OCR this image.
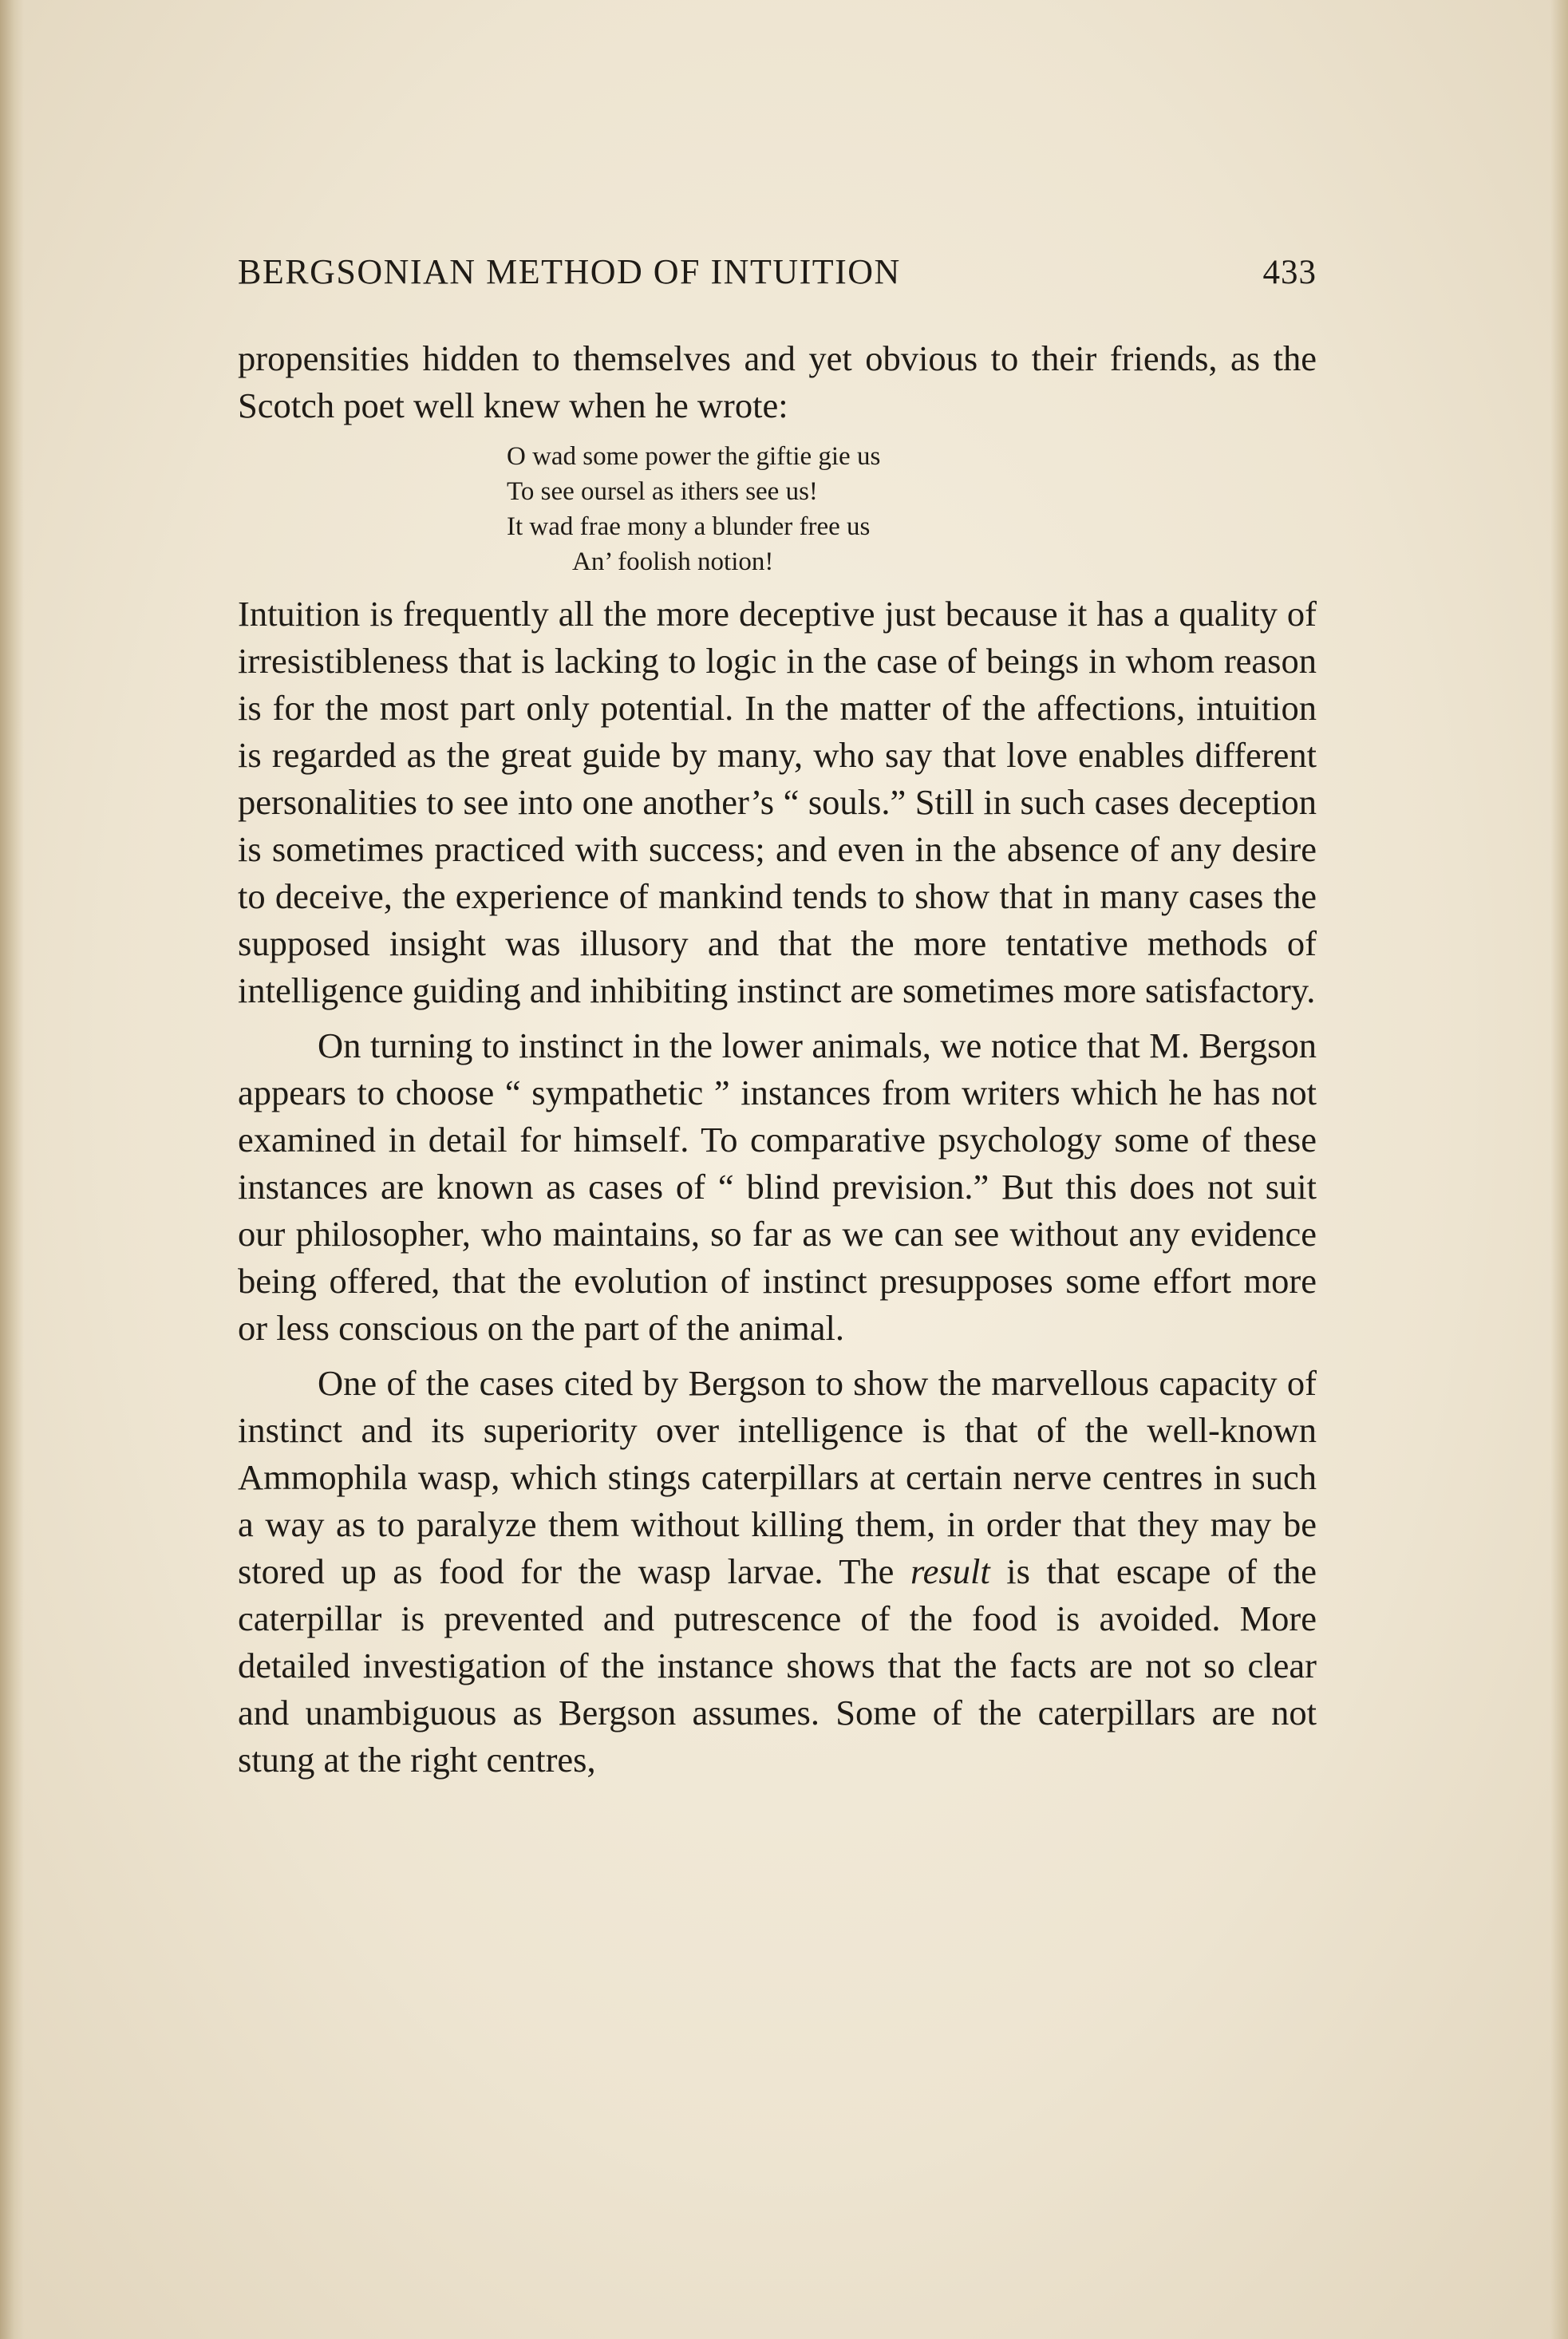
BERGSONIAN METHOD OF INTUITION	433

propensities hidden to themselves and yet obvious to their friends, as the Scotch poet well knew when he wrote:

O wad some power the giftie gie us
To see oursel as ithers see us!
It wad frae mony a blunder free us
An’ foolish notion!

Intuition is frequently all the more deceptive just because it has a quality of irresistibleness that is lacking to logic in the case of beings in whom reason is for the most part only potential. In the matter of the affections, intuition is regarded as the great guide by many, who say that love enables different personalities to see into one another’s “ souls.” Still in such cases deception is sometimes practiced with success; and even in the absence of any desire to deceive, the experience of mankind tends to show that in many cases the supposed insight was illusory and that the more tentative methods of intelligence guiding and inhibiting instinct are sometimes more satisfactory.

On turning to instinct in the lower animals, we notice that M. Bergson appears to choose “ sympathetic ” instances from writers which he has not examined in detail for himself. To comparative psychology some of these instances are known as cases of “ blind prevision.” But this does not suit our philosopher, who maintains, so far as we can see without any evidence being offered, that the evolution of instinct presupposes some effort more or less conscious on the part of the animal.

One of the cases cited by Bergson to show the marvellous capacity of instinct and its superiority over intelligence is that of the well-known Ammophila wasp, which stings caterpillars at certain nerve centres in such a way as to paralyze them without killing them, in order that they may be stored up as food for the wasp larvae. The result is that escape of the caterpillar is prevented and putrescence of the food is avoided. More detailed investigation of the instance shows that the facts are not so clear and unambiguous as Bergson assumes. Some of the caterpillars are not stung at the right centres,
